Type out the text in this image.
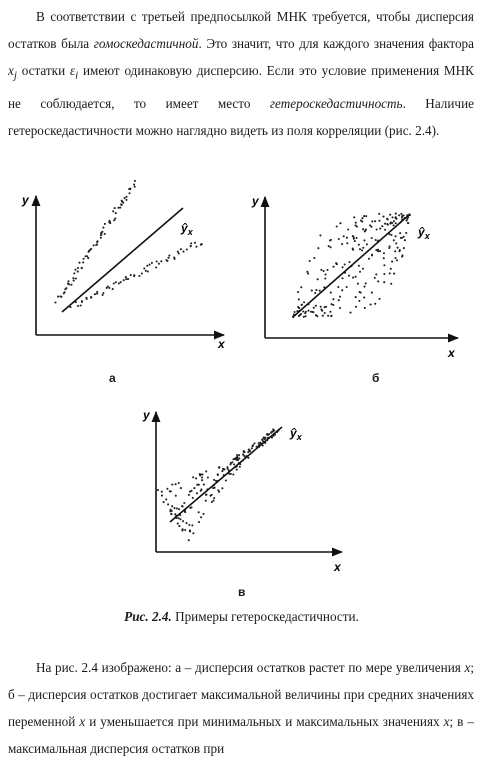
В соответствии с третьей предпосылкой МНК требуется, чтобы дисперсия остатков была гомоскедастичной. Это значит, что для каждого значения фактора $x_j$ остатки $\varepsilon_i$ имеют одинаковую дисперсию. Если это условие применения МНК не соблюдается, то имеет место гетероскедастичность. Наличие гетероскедастичности можно наглядно видеть из поля корреляции (рис. 2.4).

y
x
$ŷ_x$
y
x
$ŷ_x$
y
x
$ŷ_x$
а	б
в
Рис. 2.4. Примеры гетероскедастичности.

На рис. 2.4 изображено: а – дисперсия остатков растет по мере увеличения x; б – дисперсия остатков достигает максимальной величины при средних значениях переменной x и уменьшается при минимальных и максимальных значениях x; в – максимальная дисперсия остатков при
